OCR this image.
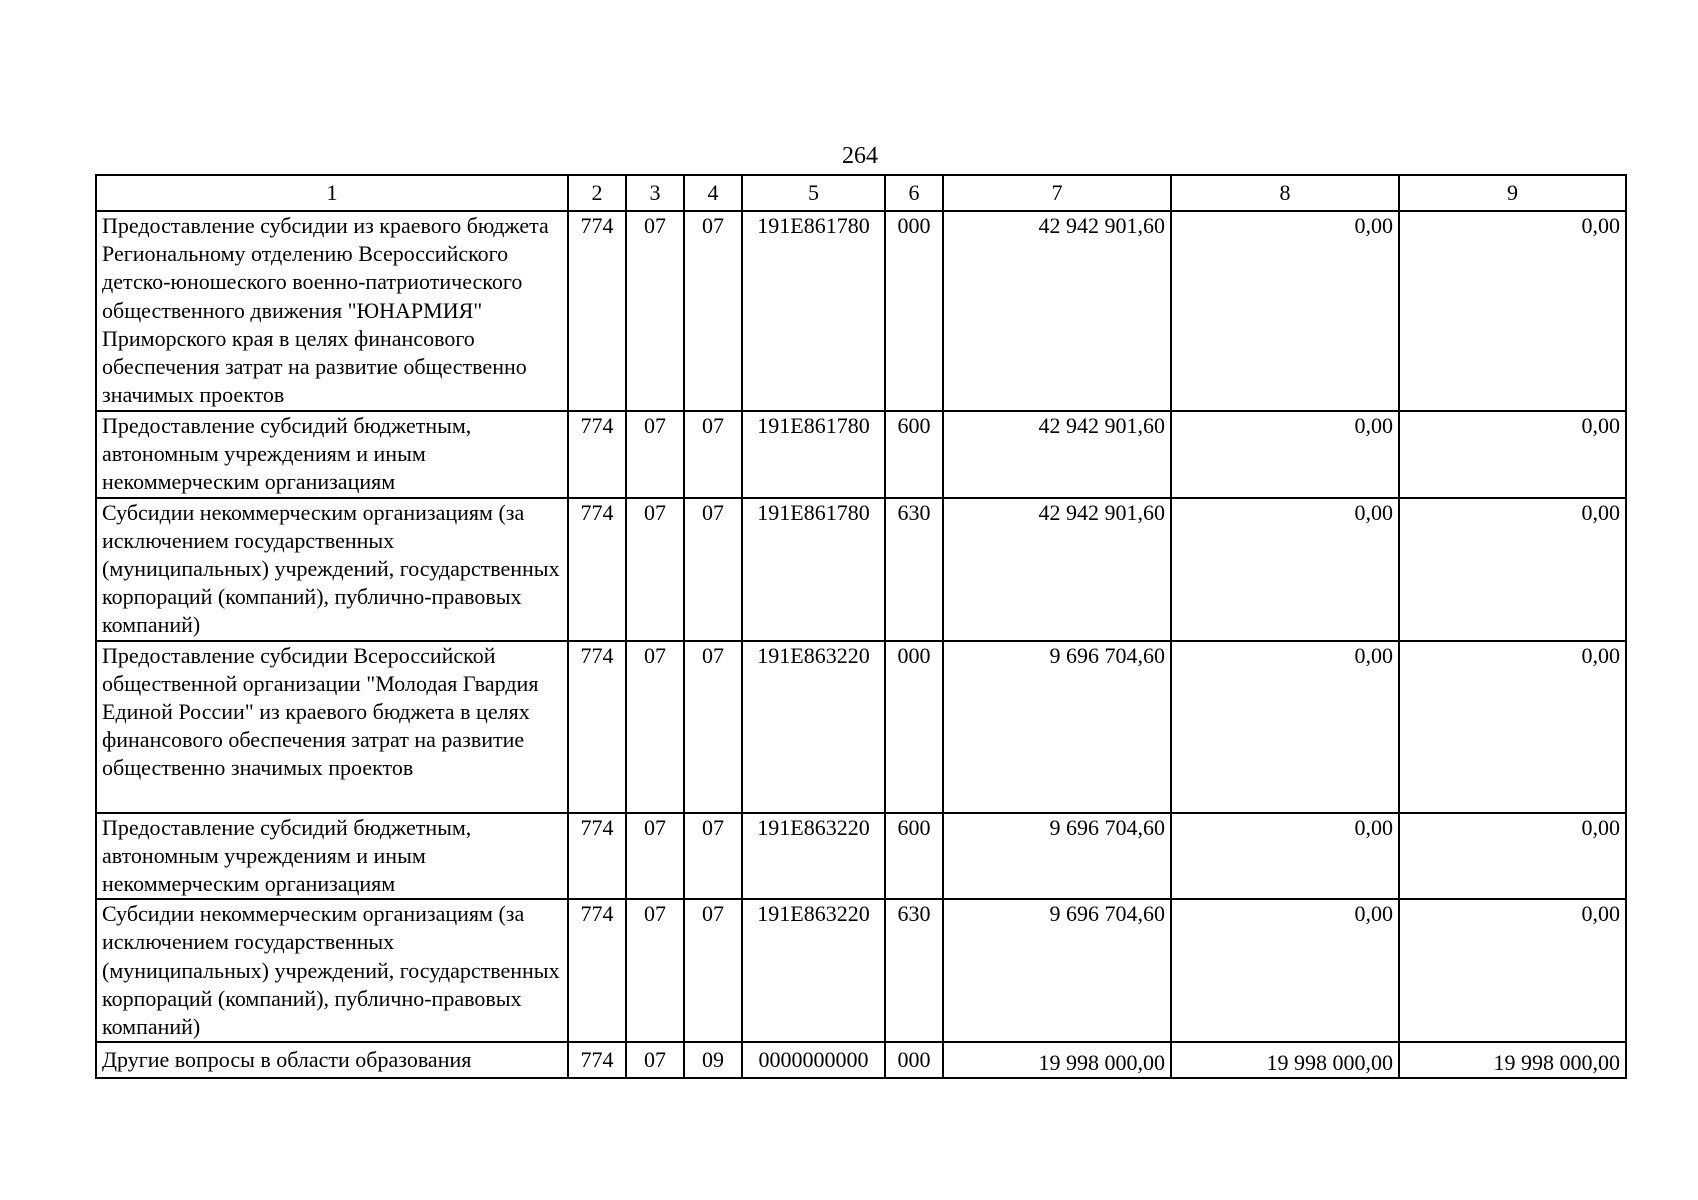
264
1	2	3	4	5	6	7	8	9
Предоставление субсидии из краевого бюджета Региональному отделению Всероссийского детско-юношеского военно-патриотического общественного движения "ЮНАРМИЯ" Приморского края в целях финансового обеспечения затрат на развитие общественно значимых проектов	774	07	07	191E861780	000	42 942 901,60	0,00	0,00
Предоставление субсидий бюджетным, автономным учреждениям и иным некоммерческим организациям	774	07	07	191E861780	600	42 942 901,60	0,00	0,00
Субсидии некоммерческим организациям (за исключением государственных (муниципальных) учреждений, государственных корпораций (компаний), публично-правовых компаний)	774	07	07	191E861780	630	42 942 901,60	0,00	0,00
Предоставление субсидии Всероссийской общественной организации "Молодая Гвардия Единой России" из краевого бюджета в целях финансового обеспечения затрат на развитие общественно значимых проектов	774	07	07	191E863220	000	9 696 704,60	0,00	0,00
Предоставление субсидий бюджетным, автономным учреждениям и иным некоммерческим организациям	774	07	07	191E863220	600	9 696 704,60	0,00	0,00
Субсидии некоммерческим организациям (за исключением государственных (муниципальных) учреждений, государственных корпораций (компаний), публично-правовых компаний)	774	07	07	191E863220	630	9 696 704,60	0,00	0,00
Другие вопросы в области образования	774	07	09	0000000000	000	19 998 000,00	19 998 000,00	19 998 000,00
